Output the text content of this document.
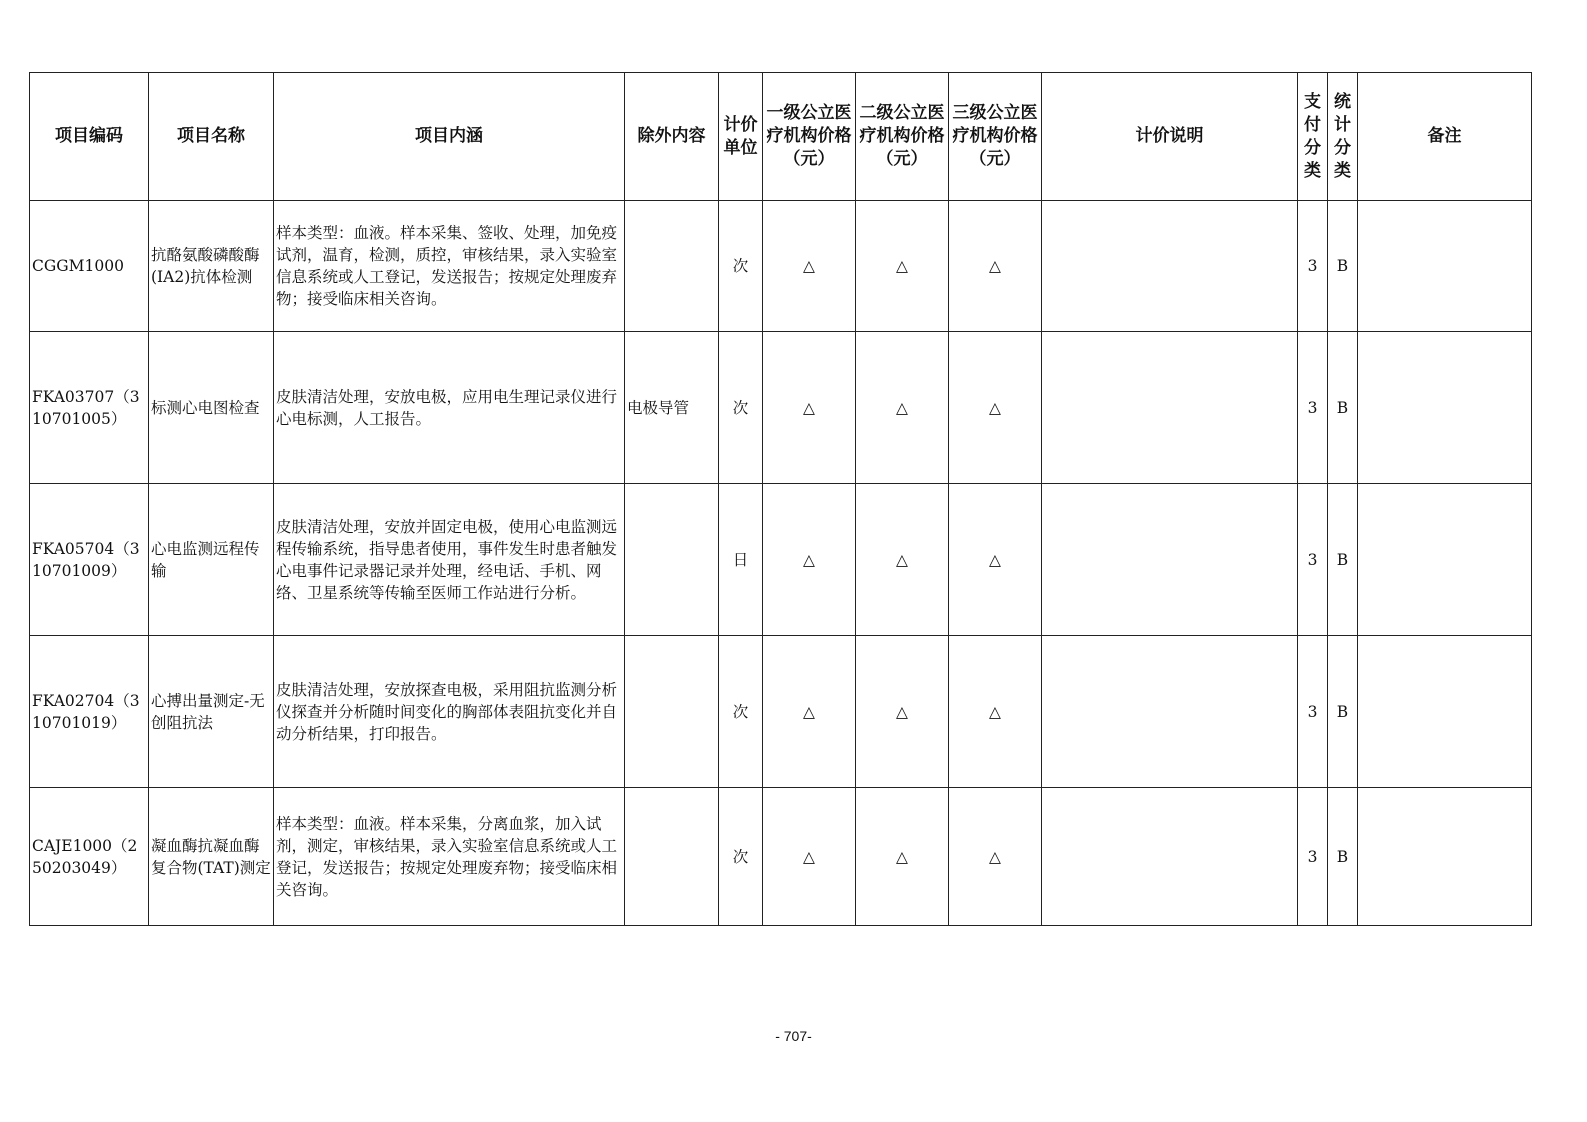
项目编码	项目名称	项目内涵	除外内容	计价单位	一级公立医疗机构价格（元）	二级公立医疗机构价格（元）	三级公立医疗机构价格（元）	计价说明	支付分类	统计分类	备注
CGGM1000	抗酪氨酸磷酸酶(IA2)抗体检测	样本类型：血液。样本采集、签收、处理，加免疫试剂，温育，检测，质控，审核结果，录入实验室信息系统或人工登记，发送报告；按规定处理废弃物；接受临床相关咨询。		次	△	△	△		3	B	
FKA03707（310701005）	标测心电图检查	皮肤清洁处理，安放电极，应用电生理记录仪进行心电标测，人工报告。	电极导管	次	△	△	△		3	B	
FKA05704（310701009）	心电监测远程传输	皮肤清洁处理，安放并固定电极，使用心电监测远程传输系统，指导患者使用，事件发生时患者触发心电事件记录器记录并处理，经电话、手机、网络、卫星系统等传输至医师工作站进行分析。		日	△	△	△		3	B	
FKA02704（310701019）	心搏出量测定-无创阻抗法	皮肤清洁处理，安放探查电极，采用阻抗监测分析仪探查并分析随时间变化的胸部体表阻抗变化并自动分析结果，打印报告。		次	△	△	△		3	B	
CAJE1000（250203049）	凝血酶抗凝血酶复合物(TAT)测定	样本类型：血液。样本采集，分离血浆，加入试剂，测定，审核结果，录入实验室信息系统或人工登记，发送报告；按规定处理废弃物；接受临床相关咨询。		次	△	△	△		3	B	
- 707-
